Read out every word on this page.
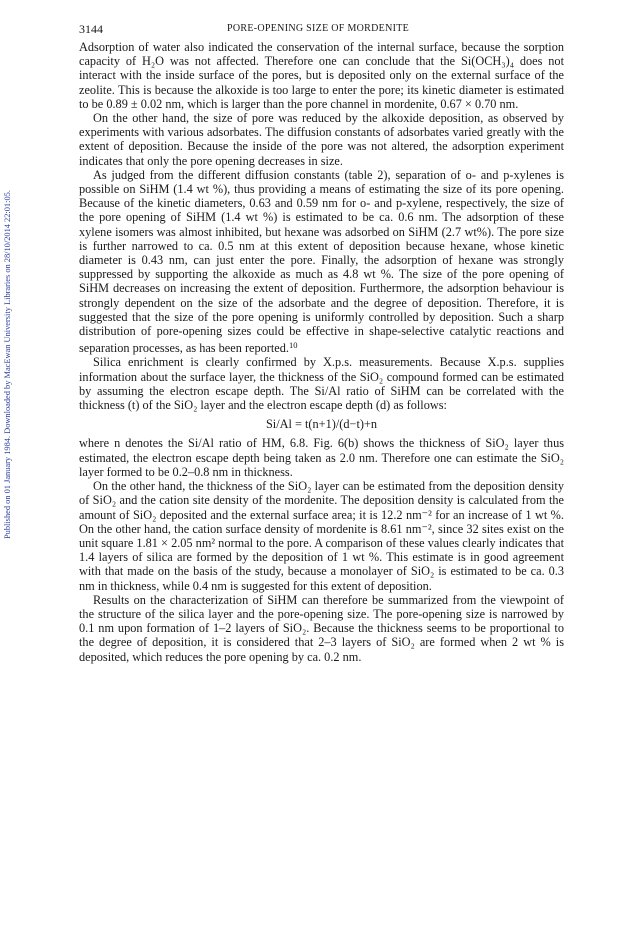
Published on 01 January 1984. Downloaded by MacEwan University Libraries on 28/10/2014 22:01:05.
3144	PORE-OPENING SIZE OF MORDENITE

Adsorption of water also indicated the conservation of the internal surface, because the sorption capacity of H₂O was not affected. Therefore one can conclude that the Si(OCH₃)₄ does not interact with the inside surface of the pores, but is deposited only on the external surface of the zeolite. This is because the alkoxide is too large to enter the pore; its kinetic diameter is estimated to be 0.89 ± 0.02 nm, which is larger than the pore channel in mordenite, 0.67 × 0.70 nm.

On the other hand, the size of pore was reduced by the alkoxide deposition, as observed by experiments with various adsorbates. The diffusion constants of adsorbates varied greatly with the extent of deposition. Because the inside of the pore was not altered, the adsorption experiment indicates that only the pore opening decreases in size.

As judged from the different diffusion constants (table 2), separation of o- and p-xylenes is possible on SiHM (1.4 wt %), thus providing a means of estimating the size of its pore opening. Because of the kinetic diameters, 0.63 and 0.59 nm for o- and p-xylene, respectively, the size of the pore opening of SiHM (1.4 wt %) is estimated to be ca. 0.6 nm. The adsorption of these xylene isomers was almost inhibited, but hexane was adsorbed on SiHM (2.7 wt%). The pore size is further narrowed to ca. 0.5 nm at this extent of deposition because hexane, whose kinetic diameter is 0.43 nm, can just enter the pore. Finally, the adsorption of hexane was strongly suppressed by supporting the alkoxide as much as 4.8 wt %. The size of the pore opening of SiHM decreases on increasing the extent of deposition. Furthermore, the adsorption behaviour is strongly dependent on the size of the adsorbate and the degree of deposition. Therefore, it is suggested that the size of the pore opening is uniformly controlled by deposition. Such a sharp distribution of pore-opening sizes could be effective in shape-selective catalytic reactions and separation processes, as has been reported.$^{10}$

Silica enrichment is clearly confirmed by X.p.s. measurements. Because X.p.s. supplies information about the surface layer, the thickness of the SiO₂ compound formed can be estimated by assuming the electron escape depth. The Si/Al ratio of SiHM can be correlated with the thickness (t) of the SiO₂ layer and the electron escape depth (d) as follows:

Si/Al = t(n+1)/(d−t)+n

where n denotes the Si/Al ratio of HM, 6.8. Fig. 6(b) shows the thickness of SiO₂ layer thus estimated, the electron escape depth being taken as 2.0 nm. Therefore one can estimate the SiO₂ layer formed to be 0.2–0.8 nm in thickness.

On the other hand, the thickness of the SiO₂ layer can be estimated from the deposition density of SiO₂ and the cation site density of the mordenite. The deposition density is calculated from the amount of SiO₂ deposited and the external surface area; it is 12.2 nm⁻² for an increase of 1 wt %. On the other hand, the cation surface density of mordenite is 8.61 nm⁻², since 32 sites exist on the unit square 1.81 × 2.05 nm² normal to the pore. A comparison of these values clearly indicates that 1.4 layers of silica are formed by the deposition of 1 wt %. This estimate is in good agreement with that made on the basis of the study, because a monolayer of SiO₂ is estimated to be ca. 0.3 nm in thickness, while 0.4 nm is suggested for this extent of deposition.

Results on the characterization of SiHM can therefore be summarized from the viewpoint of the structure of the silica layer and the pore-opening size. The pore-opening size is narrowed by 0.1 nm upon formation of 1–2 layers of SiO₂. Because the thickness seems to be proportional to the degree of deposition, it is considered that 2–3 layers of SiO₂ are formed when 2 wt % is deposited, which reduces the pore opening by ca. 0.2 nm.
